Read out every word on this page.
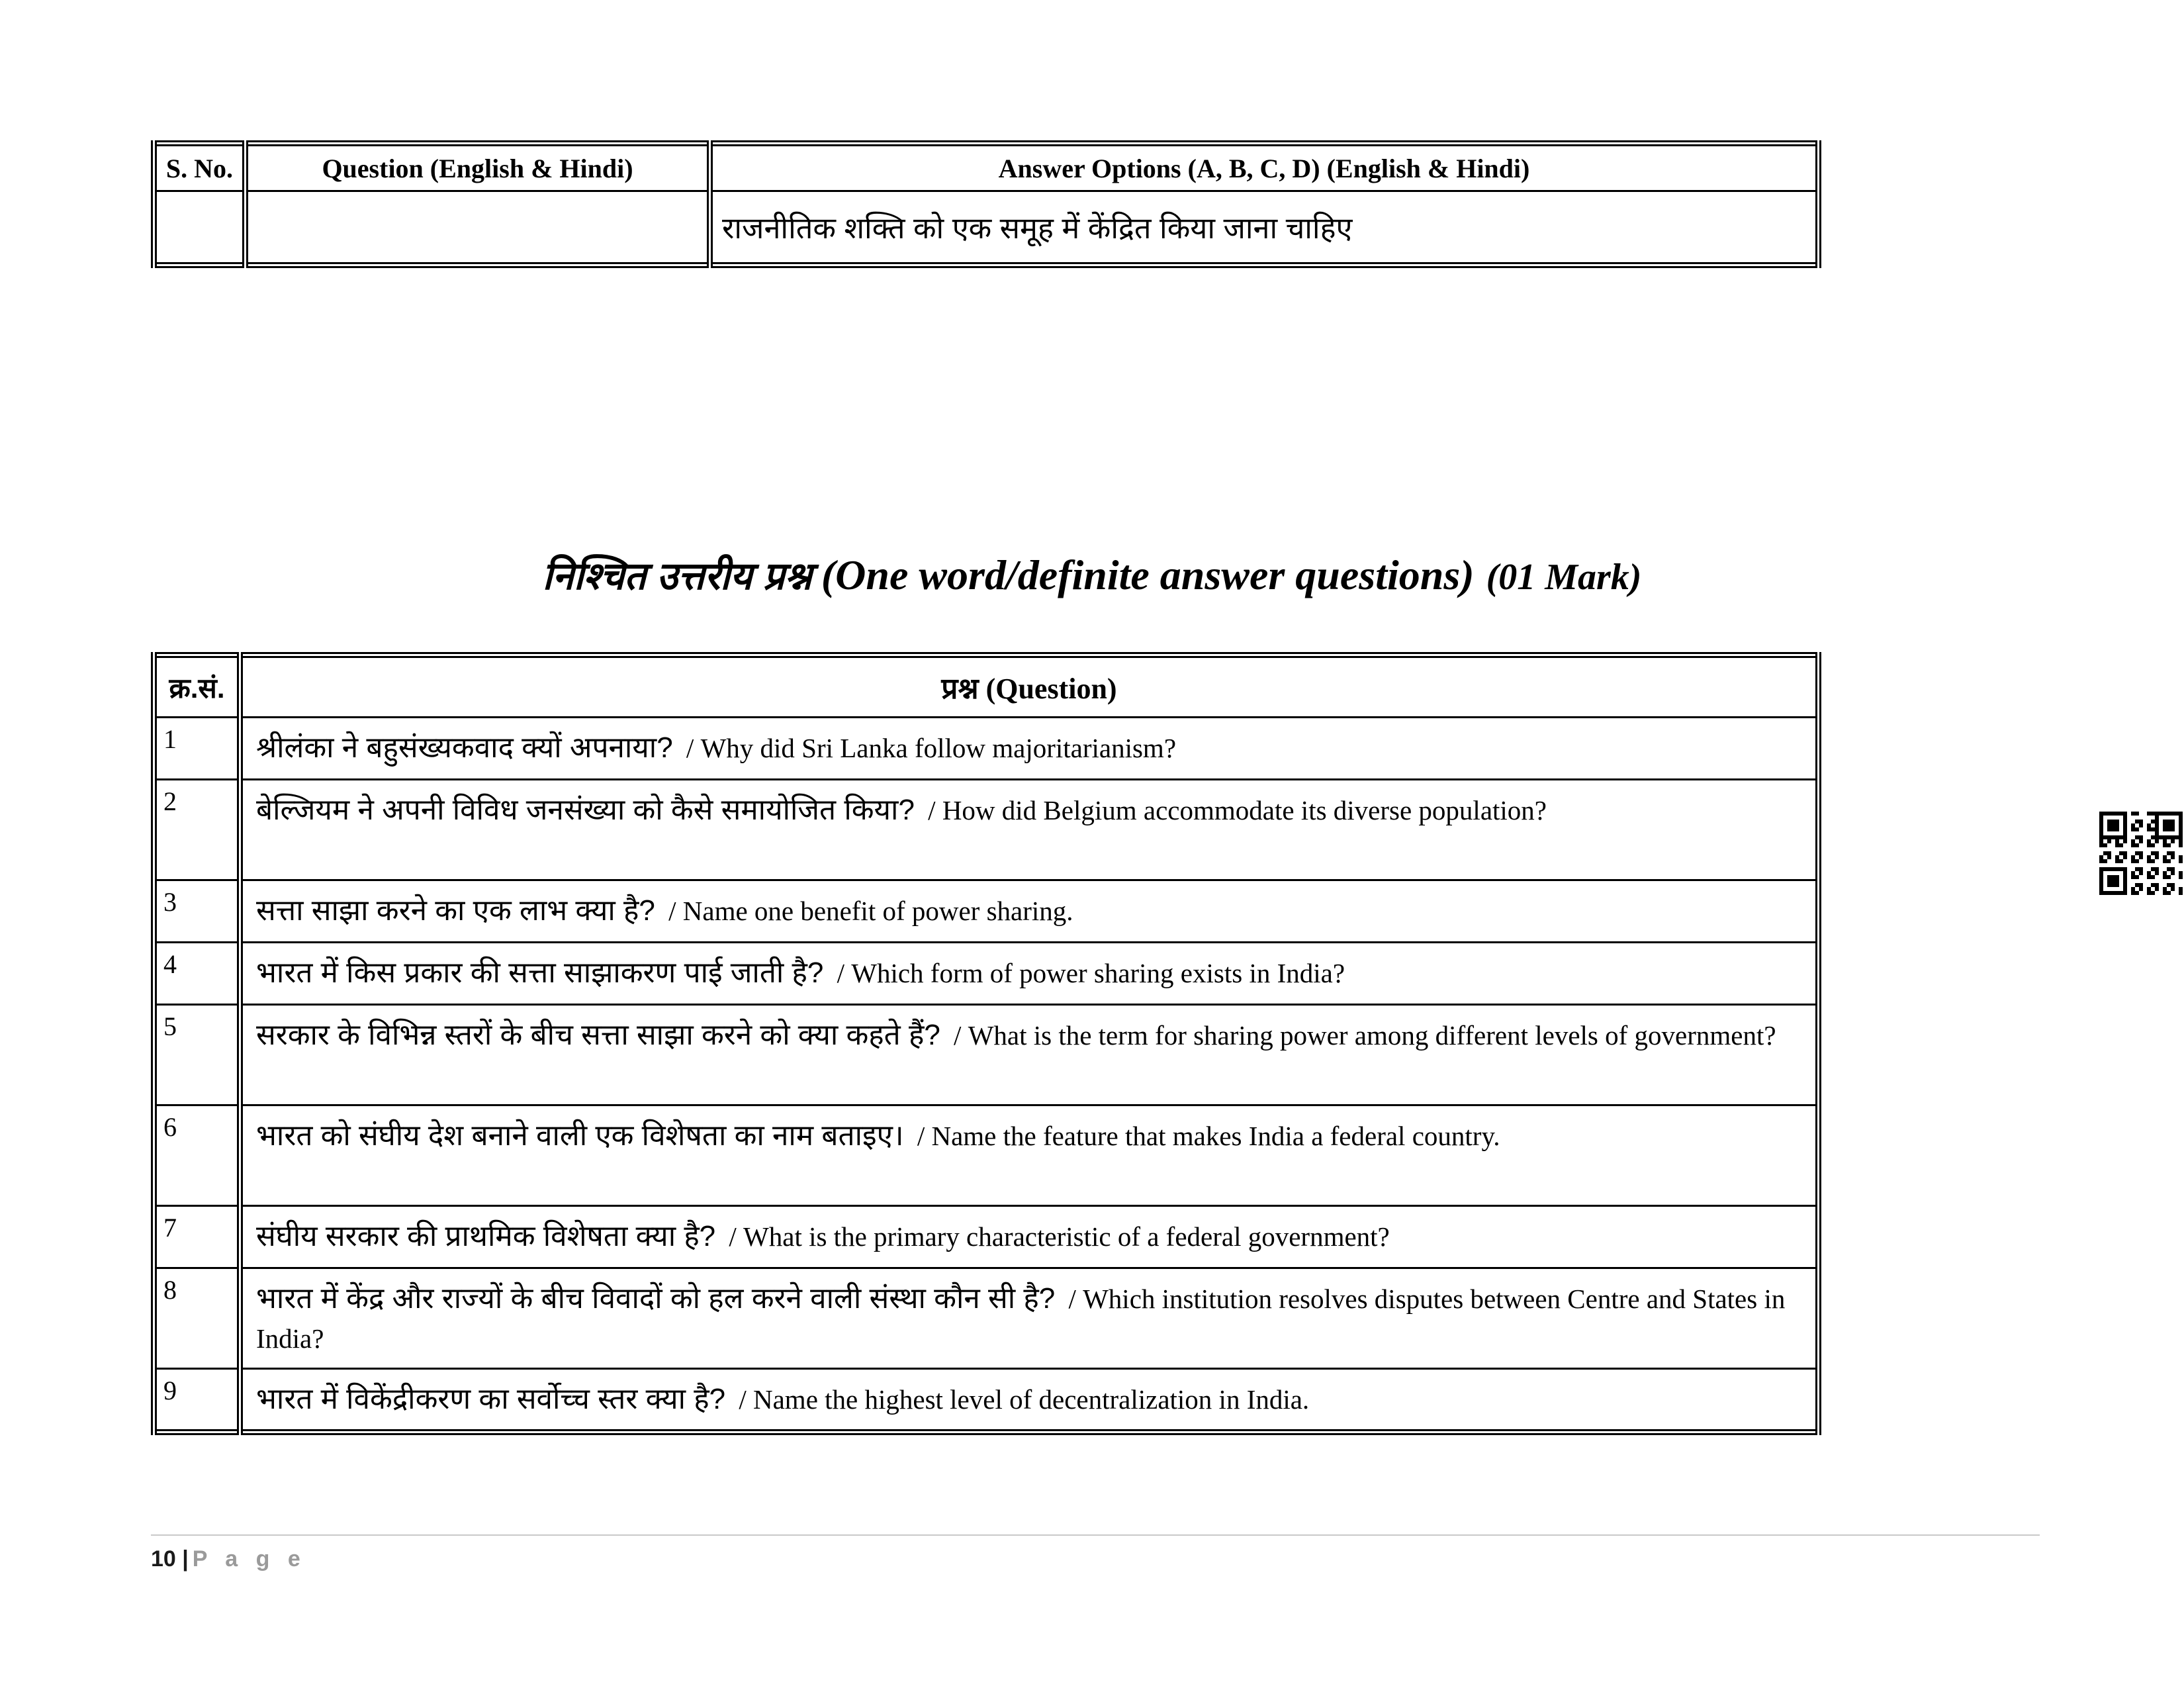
S. No.	Question (English & Hindi)	Answer Options (A, B, C, D) (English & Hindi)
		राजनीतिक शक्ति को एक समूह में केंद्रित किया जाना चाहिए
निश्चित उत्तरीय प्रश्न (One word/definite answer questions) (01 Mark)
क्र.सं.	प्रश्न (Question)
1	श्रीलंका ने बहुसंख्यकवाद क्यों अपनाया? / Why did Sri Lanka follow majoritarianism?
2	बेल्जियम ने अपनी विविध जनसंख्या को कैसे समायोजित किया? / How did Belgium accommodate its diverse population?
3	सत्ता साझा करने का एक लाभ क्या है? / Name one benefit of power sharing.
4	भारत में किस प्रकार की सत्ता साझाकरण पाई जाती है? / Which form of power sharing exists in India?
5	सरकार के विभिन्न स्तरों के बीच सत्ता साझा करने को क्या कहते हैं? / What is the term for sharing power among different levels of government?
6	भारत को संघीय देश बनाने वाली एक विशेषता का नाम बताइए। / Name the feature that makes India a federal country.
7	संघीय सरकार की प्राथमिक विशेषता क्या है? / What is the primary characteristic of a federal government?
8	भारत में केंद्र और राज्यों के बीच विवादों को हल करने वाली संस्था कौन सी है? / Which institution resolves disputes between Centre and States in India?
9	भारत में विकेंद्रीकरण का सर्वोच्च स्तर क्या है? / Name the highest level of decentralization in India.
10 | P a g e
